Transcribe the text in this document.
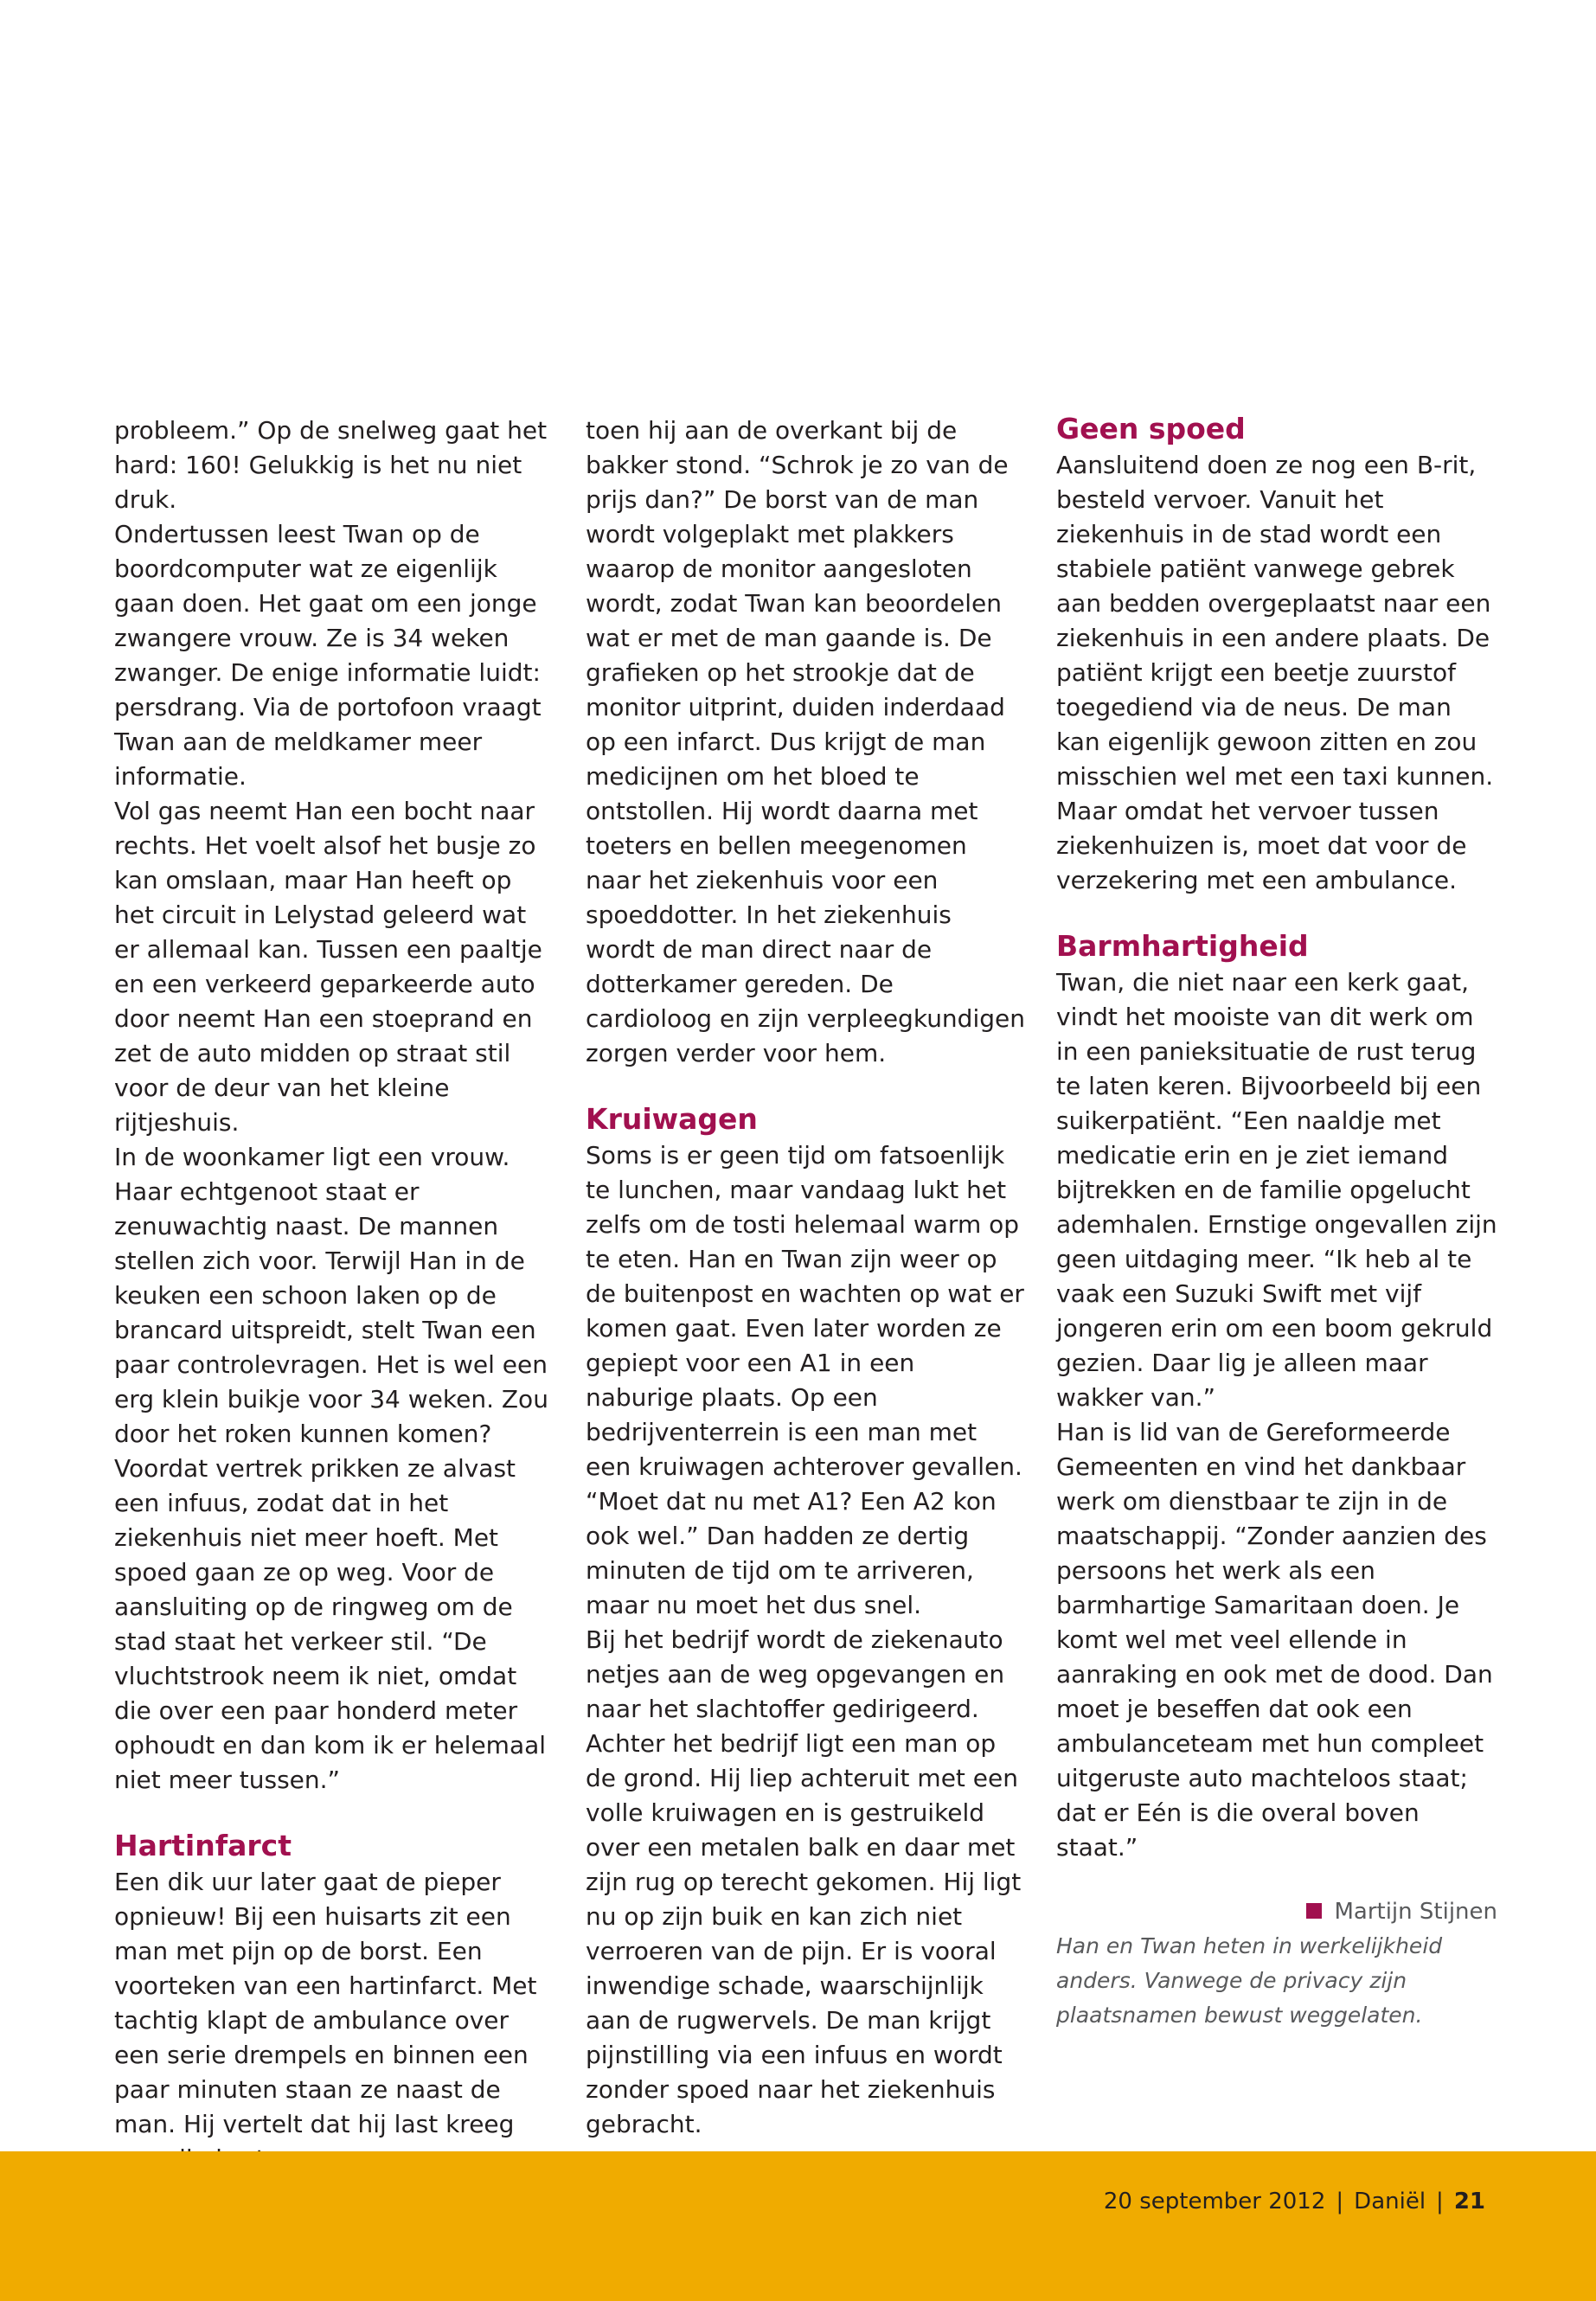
probleem.” Op de snelweg gaat het hard: 160! Gelukkig is het nu niet druk.

Ondertussen leest Twan op de boordcomputer wat ze eigenlijk gaan doen. Het gaat om een jonge zwangere vrouw. Ze is 34 weken zwanger. De enige informatie luidt: persdrang. Via de portofoon vraagt Twan aan de meldkamer meer informatie.

Vol gas neemt Han een bocht naar rechts. Het voelt alsof het busje zo kan omslaan, maar Han heeft op het circuit in Lelystad geleerd wat er allemaal kan. Tussen een paaltje en een verkeerd geparkeerde auto door neemt Han een stoeprand en zet de auto midden op straat stil voor de deur van het kleine rijtjeshuis.

In de woonkamer ligt een vrouw. Haar echtgenoot staat er zenuwachtig naast. De mannen stellen zich voor. Terwijl Han in de keuken een schoon laken op de brancard uitspreidt, stelt Twan een paar controlevragen. Het is wel een erg klein buikje voor 34 weken. Zou door het roken kunnen komen? Voordat vertrek prikken ze alvast een infuus, zodat dat in het ziekenhuis niet meer hoeft. Met spoed gaan ze op weg. Voor de aansluiting op de ringweg om de stad staat het verkeer stil. “De vluchtstrook neem ik niet, omdat die over een paar honderd meter ophoudt en dan kom ik er helemaal niet meer tussen.”

Hartinfarct

Een dik uur later gaat de pieper opnieuw! Bij een huisarts zit een man met pijn op de borst. Een voorteken van een hartinfarct. Met tachtig klapt de ambulance over een serie drempels en binnen een paar minuten staan ze naast de man. Hij vertelt dat hij last kreeg

toen hij aan de overkant bij de bakker stond. “Schrok je zo van de prijs dan?” De borst van de man wordt volgeplakt met plakkers waarop de monitor aangesloten wordt, zodat Twan kan beoordelen wat er met de man gaande is. De grafieken op het strookje dat de monitor uitprint, duiden inderdaad op een infarct. Dus krijgt de man medicijnen om het bloed te ontstollen. Hij wordt daarna met toeters en bellen meegenomen naar het ziekenhuis voor een spoeddotter. In het ziekenhuis wordt de man direct naar de dotterkamer gereden. De cardioloog en zijn verpleegkundigen zorgen verder voor hem.

Kruiwagen

Soms is er geen tijd om fatsoenlijk te lunchen, maar vandaag lukt het zelfs om de tosti helemaal warm op te eten. Han en Twan zijn weer op de buitenpost en wachten op wat er komen gaat. Even later worden ze gepiept voor een A1 in een naburige plaats. Op een bedrijventerrein is een man met een kruiwagen achterover gevallen. “Moet dat nu met A1? Een A2 kon ook wel.” Dan hadden ze dertig minuten de tijd om te arriveren, maar nu moet het dus snel.

Bij het bedrijf wordt de ziekenauto netjes aan de weg opgevangen en naar het slachtoffer gedirigeerd. Achter het bedrijf ligt een man op de grond. Hij liep achteruit met een volle kruiwagen en is gestruikeld over een metalen balk en daar met zijn rug op terecht gekomen. Hij ligt nu op zijn buik en kan zich niet verroeren van de pijn. Er is vooral inwendige schade, waarschijnlijk aan de rugwervels. De man krijgt pijnstilling via een infuus en wordt zonder spoed naar het ziekenhuis gebracht.

Geen spoed

Aansluitend doen ze nog een B-rit, besteld vervoer. Vanuit het ziekenhuis in de stad wordt een stabiele patiënt vanwege gebrek aan bedden overgeplaatst naar een ziekenhuis in een andere plaats. De patiënt krijgt een beetje zuurstof toegediend via de neus. De man kan eigenlijk gewoon zitten en zou misschien wel met een taxi kunnen. Maar omdat het vervoer tussen ziekenhuizen is, moet dat voor de verzekering met een ambulance.

Barmhartigheid

Twan, die niet naar een kerk gaat, vindt het mooiste van dit werk om in een panieksituatie de rust terug te laten keren. Bijvoorbeeld bij een suikerpatiënt. “Een naaldje met medicatie erin en je ziet iemand bijtrekken en de familie opgelucht ademhalen. Ernstige ongevallen zijn geen uitdaging meer. “Ik heb al te vaak een Suzuki Swift met vijf jongeren erin om een boom gekruld gezien. Daar lig je alleen maar wakker van.”

Han is lid van de Gereformeerde Gemeenten en vind het dankbaar werk om dienstbaar te zijn in de maatschappij. “Zonder aanzien des persoons het werk als een barmhartige Samaritaan doen. Je komt wel met veel ellende in aanraking en ook met de dood. Dan moet je beseffen dat ook een ambulanceteam met hun compleet uitgeruste auto machteloos staat; dat er Eén is die overal boven staat.”

Martijn Stijnen

Han en Twan heten in werkelijkheid anders. Vanwege de privacy zijn plaatsnamen bewust weggelaten.

20 september 2012 | Daniël | 21
